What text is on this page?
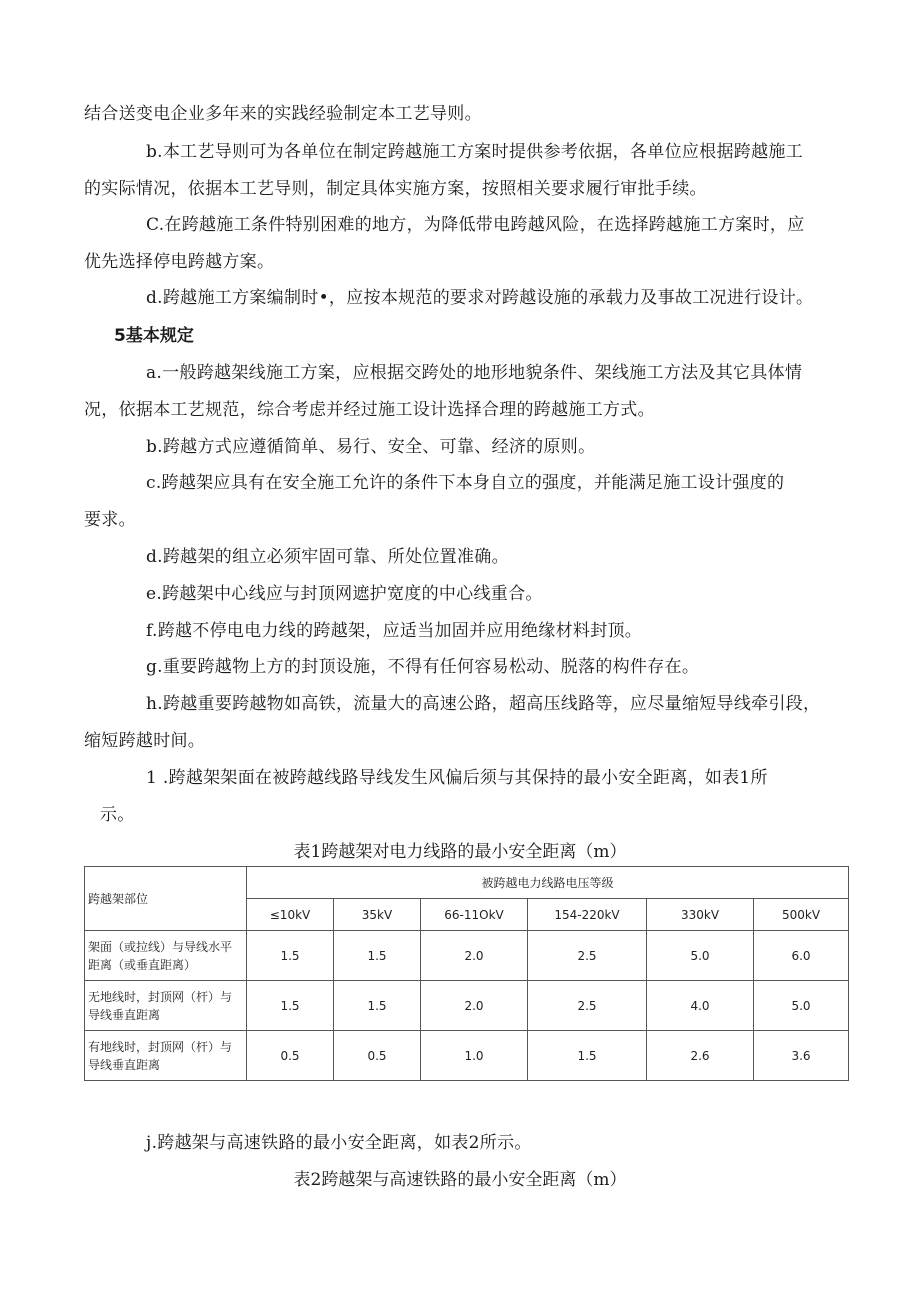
结合送变电企业多年来的实践经验制定本工艺导则。
b.本工艺导则可为各单位在制定跨越施工方案时提供参考依据，各单位应根据跨越施工
的实际情况，依据本工艺导则，制定具体实施方案，按照相关要求履行审批手续。
C.在跨越施工条件特别困难的地方，为降低带电跨越风险，在选择跨越施工方案时，应
优先选择停电跨越方案。
d.跨越施工方案编制时•，应按本规范的要求对跨越设施的承载力及事故工况进行设计。
5基本规定
a.一般跨越架线施工方案，应根据交跨处的地形地貌条件、架线施工方法及其它具体情
况，依据本工艺规范，综合考虑并经过施工设计选择合理的跨越施工方式。
b.跨越方式应遵循简单、易行、安全、可靠、经济的原则。
c.跨越架应具有在安全施工允许的条件下本身自立的强度，并能满足施工设计强度的
要求。
d.跨越架的组立必须牢固可靠、所处位置准确。
e.跨越架中心线应与封顶网遮护宽度的中心线重合。
f.跨越不停电电力线的跨越架，应适当加固并应用绝缘材料封顶。
g.重要跨越物上方的封顶设施，不得有任何容易松动、脱落的构件存在。
h.跨越重要跨越物如高铁，流量大的高速公路，超高压线路等，应尽量缩短导线牵引段，
缩短跨越时间。
1 .跨越架架面在被跨越线路导线发生风偏后须与其保持的最小安全距离，如表1所
示。
表1跨越架对电力线路的最小安全距离（m）
跨越架部位	被跨越电力线路电压等级					
	≤10kV	35kV	66-11OkV	154-220kV	330kV	500kV

架面（或拉线）与导线水平
距离（或垂直距离）	1.5	1.5	2.0	2.5	5.0	6.0

无地线时，封顶网（杆）与
导线垂直距离	1.5	1.5	2.0	2.5	4.0	5.0

有地线时，封顶网（杆）与
导线垂直距离	0.5	0.5	1.0	1.5	2.6	3.6
j.跨越架与高速铁路的最小安全距离，如表2所示。
表2跨越架与高速铁路的最小安全距离（m）
